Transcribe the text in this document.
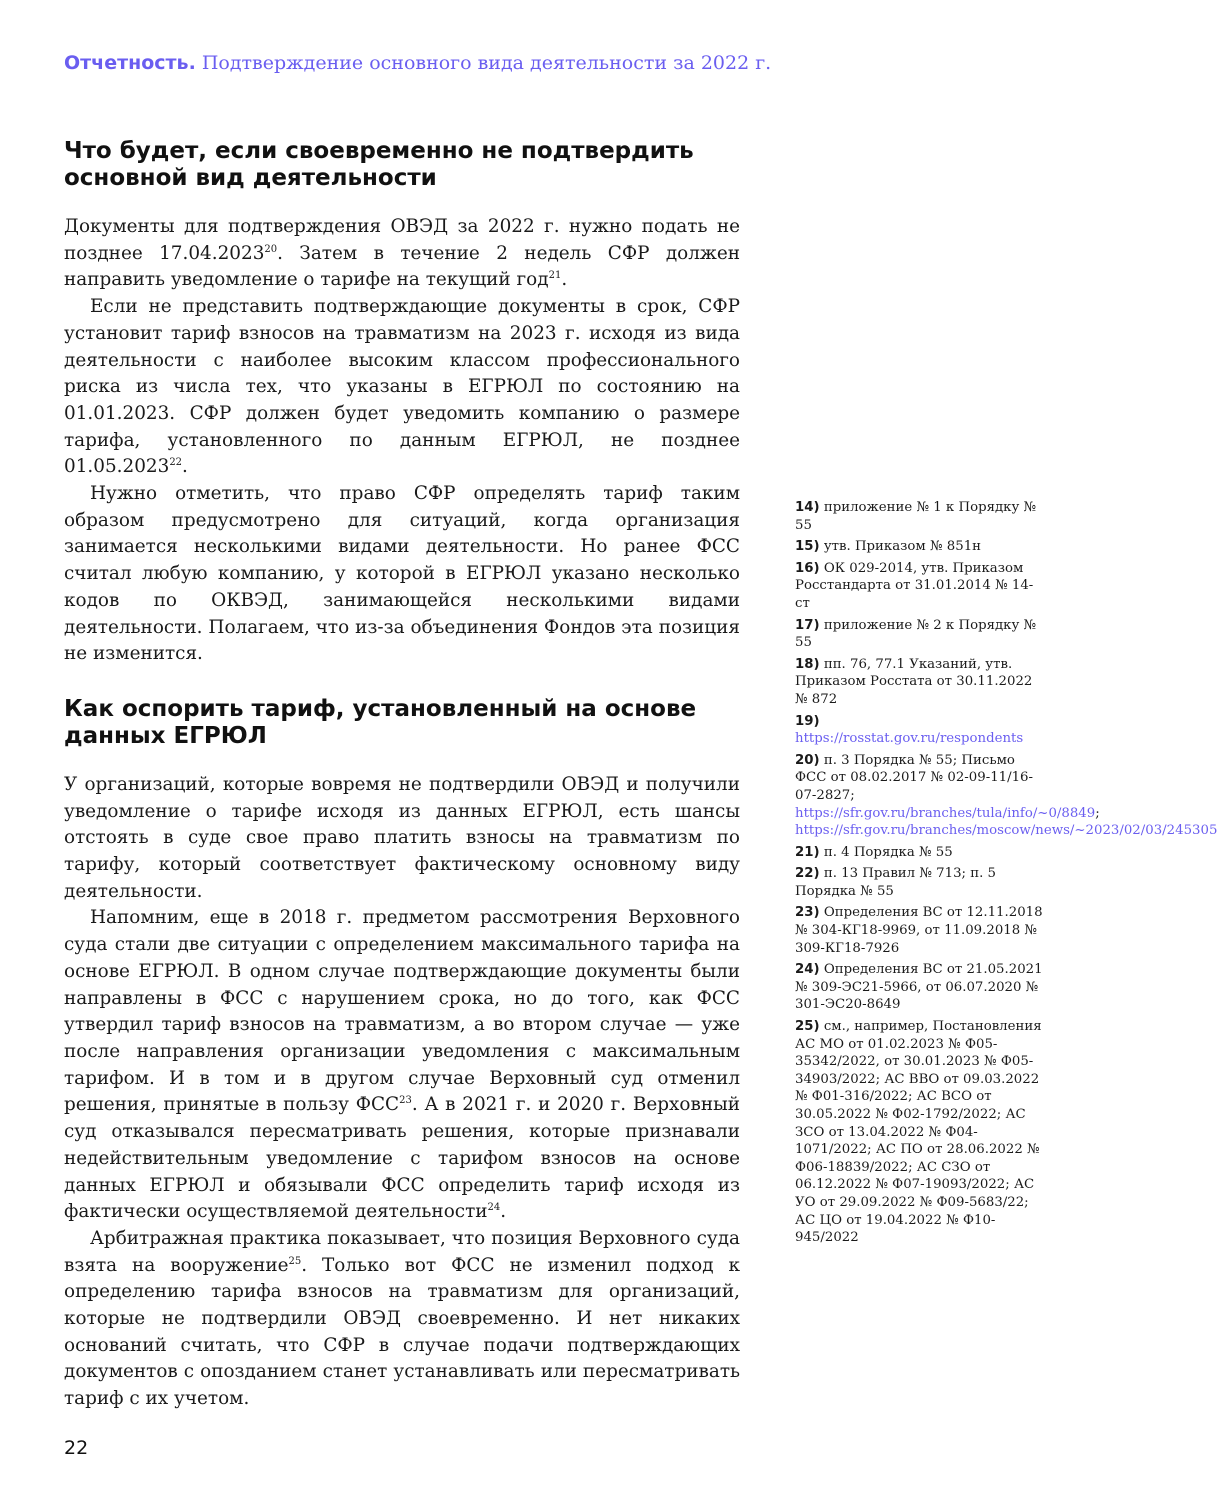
Отчетность. Подтверждение основного вида деятельности за 2022 г.
Что будет, если своевременно не подтвердить
основной вид деятельности

Документы для подтверждения ОВЭД за 2022 г. нужно подать не позднее 17.04.2023$^{20}$. Затем в течение 2 недель СФР должен направить уведомление о тарифе на текущий год$^{21}$.

Если не представить подтверждающие документы в срок, СФР установит тариф взносов на травматизм на 2023 г. исходя из вида деятельности с наиболее высоким классом профессионального риска из числа тех, что указаны в ЕГРЮЛ по состоянию на 01.01.2023. СФР должен будет уведомить компанию о размере тарифа, установленного по данным ЕГРЮЛ, не позднее 01.05.2023$^{22}$.

Нужно отметить, что право СФР определять тариф таким образом предусмотрено для ситуаций, когда организация занимается несколькими видами деятельности. Но ранее ФСС считал любую компанию, у которой в ЕГРЮЛ указано несколько кодов по ОКВЭД, занимающейся несколькими видами деятельности. Полагаем, что из-за объединения Фондов эта позиция не изменится.

Как оспорить тариф, установленный на основе
данных ЕГРЮЛ

У организаций, которые вовремя не подтвердили ОВЭД и получили уведомление о тарифе исходя из данных ЕГРЮЛ, есть шансы отстоять в суде свое право платить взносы на травматизм по тарифу, который соответствует фактическому основному виду деятельности.

Напомним, еще в 2018 г. предметом рассмотрения Верховного суда стали две ситуации с определением максимального тарифа на основе ЕГРЮЛ. В одном случае подтверждающие документы были направлены в ФСС с нарушением срока, но до того, как ФСС утвердил тариф взносов на травматизм, а во втором случае — уже после направления организации уведомления с максимальным тарифом. И в том и в другом случае Верховный суд отменил решения, принятые в пользу ФСС$^{23}$. А в 2021 г. и 2020 г. Верховный суд отказывался пересматривать решения, которые признавали недействительным уведомление с тарифом взносов на основе данных ЕГРЮЛ и обязывали ФСС определить тариф исходя из фактически осуществляемой деятельности$^{24}$.

Арбитражная практика показывает, что позиция Верховного суда взята на вооружение$^{25}$. Только вот ФСС не изменил подход к определению тарифа взносов на травматизм для организаций, которые не подтвердили ОВЭД своевременно. И нет никаких оснований считать, что СФР в случае подачи подтверждающих документов с опозданием станет устанавливать или пересматривать тариф с их учетом.

14) приложение № 1 к Порядку № 55
15) утв. Приказом № 851н
16) ОК 029-2014, утв. Приказом Росстандарта от 31.01.2014 № 14-ст
17) приложение № 2 к Порядку № 55
18) пп. 76, 77.1 Указаний, утв. Приказом Росстата от 30.11.2022 № 872
19) https://rosstat.gov.ru/respondents
20) п. 3 Порядка № 55; Письмо ФСС от 08.02.2017 № 02-09-11/16-07-2827; https://sfr.gov.ru/branches/tula/info/~0/8849; https://sfr.gov.ru/branches/moscow/news/~2023/02/03/245305
21) п. 4 Порядка № 55
22) п. 13 Правил № 713; п. 5 Порядка № 55
23) Определения ВС от 12.11.2018 № 304-КГ18-9969, от 11.09.2018 № 309-КГ18-7926
24) Определения ВС от 21.05.2021 № 309-ЭС21-5966, от 06.07.2020 № 301-ЭС20-8649
25) см., например, Постановления АС МО от 01.02.2023 № Ф05-35342/2022, от 30.01.2023 № Ф05-34903/2022; АС ВВО от 09.03.2022 № Ф01-316/2022; АС ВСО от 30.05.2022 № Ф02-1792/2022; АС ЗСО от 13.04.2022 № Ф04-1071/2022; АС ПО от 28.06.2022 № Ф06-18839/2022; АС СЗО от 06.12.2022 № Ф07-19093/2022; АС УО от 29.09.2022 № Ф09-5683/22; АС ЦО от 19.04.2022 № Ф10-945/2022
22
